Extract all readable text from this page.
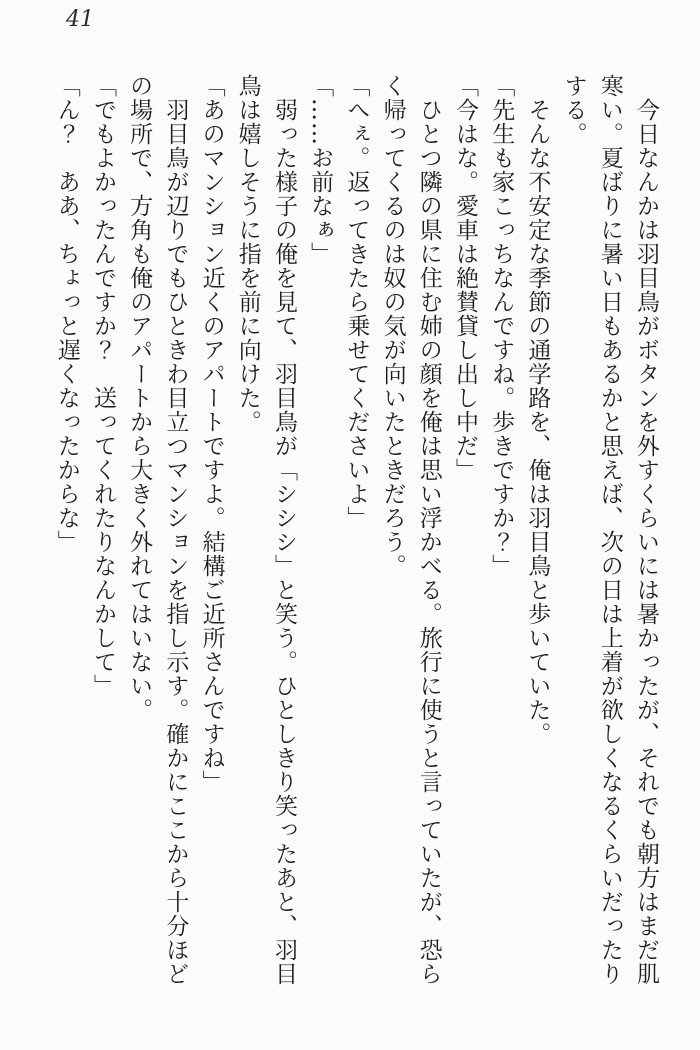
41

今日なんかは羽目鳥がボタンを外すくらいには暑かったが、それでも朝方はまだ肌

寒い。夏ばりに暑い日もあるかと思えば、次の日は上着が欲しくなるくらいだったり

する。

そんな不安定な季節の通学路を、俺は羽目鳥と歩いていた。

「先生も家こっちなんですね。歩きですか？」

「今はな。愛車は絶賛貸し出し中だ」

ひとつ隣の県に住む姉の顔を俺は思い浮かべる。旅行に使うと言っていたが、恐ら

く帰ってくるのは奴の気が向いたときだろう。

「へぇ。返ってきたら乗せてくださいよ」

「……お前なぁ」

弱った様子の俺を見て、羽目鳥が「シシシ」と笑う。ひとしきり笑ったあと、羽目

鳥は嬉しそうに指を前に向けた。

「あのマンション近くのアパートですよ。結構ご近所さんですね」

羽目鳥が辺りでもひときわ目立つマンションを指し示す。確かにここから十分ほど

の場所で、方角も俺のアパートから大きく外れてはいない。

「でもよかったんですか？　送ってくれたりなんかして」

「ん？　ああ、ちょっと遅くなったからな」
